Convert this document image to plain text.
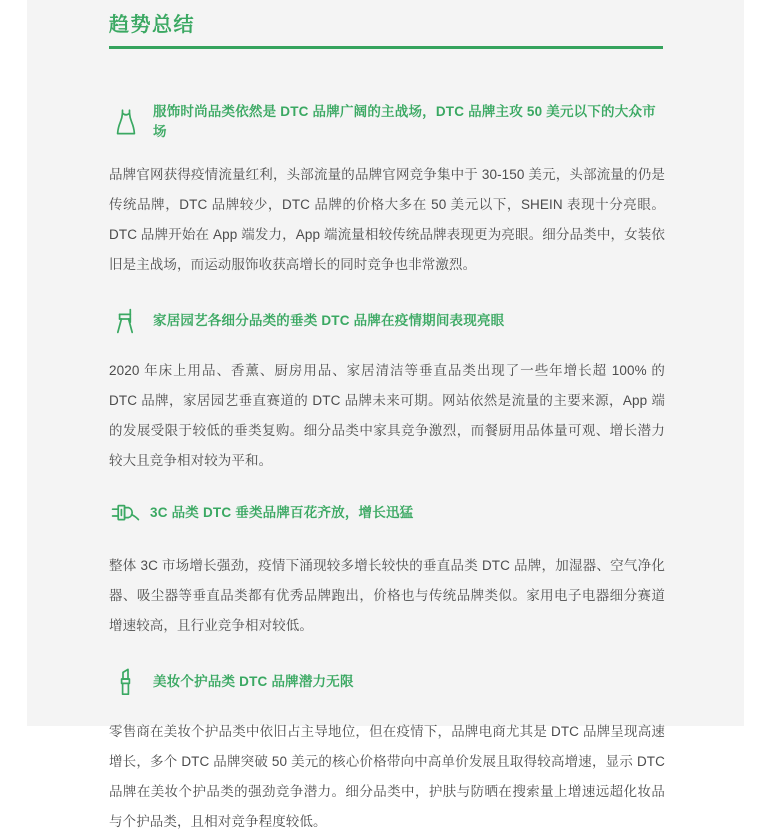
趋势总结
服饰时尚品类依然是 DTC 品牌广阔的主战场，DTC 品牌主攻 50 美元以下的大众市场

品牌官网获得疫情流量红利，头部流量的品牌官网竞争集中于 30-150 美元，头部流量的仍是传统品牌，DTC 品牌较少，DTC 品牌的价格大多在 50 美元以下，SHEIN 表现十分亮眼。DTC 品牌开始在 App 端发力，App 端流量相较传统品牌表现更为亮眼。细分品类中，女装依旧是主战场，而运动服饰收获高增长的同时竞争也非常激烈。

家居园艺各细分品类的垂类 DTC 品牌在疫情期间表现亮眼

2020 年床上用品、香薰、厨房用品、家居清洁等垂直品类出现了一些年增长超 100% 的 DTC 品牌，家居园艺垂直赛道的 DTC 品牌未来可期。网站依然是流量的主要来源，App 端的发展受限于较低的垂类复购。细分品类中家具竞争激烈，而餐厨用品体量可观、增长潜力较大且竞争相对较为平和。

3C 品类 DTC 垂类品牌百花齐放，增长迅猛

整体 3C 市场增长强劲，疫情下涌现较多增长较快的垂直品类 DTC 品牌，加湿器、空气净化器、吸尘器等垂直品类都有优秀品牌跑出，价格也与传统品牌类似。家用电子电器细分赛道增速较高，且行业竞争相对较低。

美妆个护品类 DTC 品牌潜力无限

零售商在美妆个护品类中依旧占主导地位，但在疫情下，品牌电商尤其是 DTC 品牌呈现高速增长，多个 DTC 品牌突破 50 美元的核心价格带向中高单价发展且取得较高增速，显示 DTC 品牌在美妆个护品类的强劲竞争潜力。细分品类中，护肤与防晒在搜索量上增速远超化妆品与个护品类，且相对竞争程度较低。
